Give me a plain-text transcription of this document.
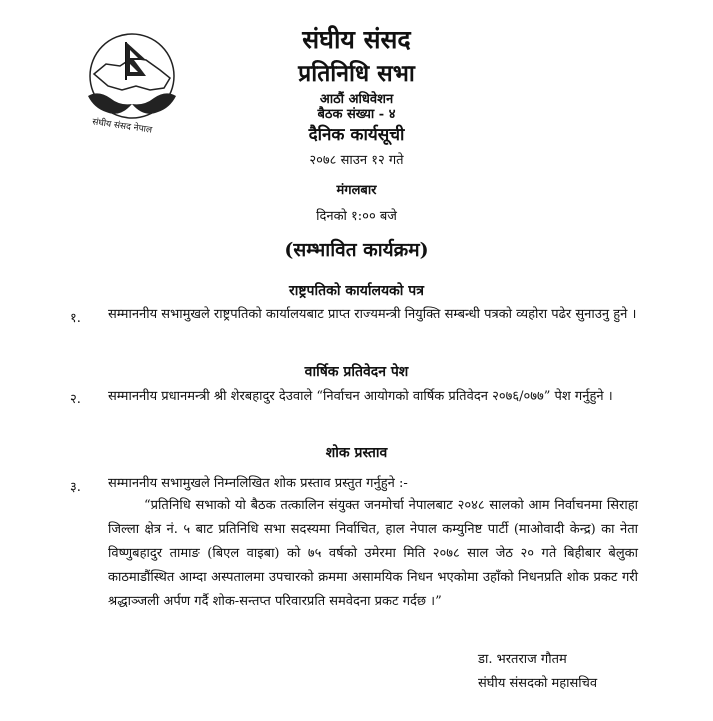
संघीय संसद नेपाल
संघीय संसद
प्रतिनिधि सभा
आठौं अधिवेशन
बैठक संख्या - ४
दैनिक कार्यसूची
२०७८ साउन १२ गते
मंगलबार
दिनको १:०० बजे
(सम्भावित कार्यक्रम)
राष्ट्रपतिको कार्यालयको पत्र
१. सम्माननीय सभामुखले राष्ट्रपतिको कार्यालयबाट प्राप्त राज्यमन्त्री नियुक्ति सम्बन्धी पत्रको व्यहोरा पढेर सुनाउनु हुने ।
वार्षिक प्रतिवेदन पेश
२. सम्माननीय प्रधानमन्त्री श्री शेरबहादुर देउवाले “निर्वाचन आयोगको वार्षिक प्रतिवेदन २०७६/०७७” पेश गर्नुहुने ।
शोक प्रस्ताव
३. सम्माननीय सभामुखले निम्नलिखित शोक प्रस्ताव प्रस्तुत गर्नुहुने :-
“प्रतिनिधि सभाको यो बैठक तत्कालिन संयुक्त जनमोर्चा नेपालबाट २०४८ सालको आम निर्वाचनमा सिराहा जिल्ला क्षेत्र नं. ५ बाट प्रतिनिधि सभा सदस्यमा निर्वाचित, हाल नेपाल कम्युनिष्ट पार्टी (माओवादी केन्द्र) का नेता विष्णुबहादुर तामाङ (बिएल वाइबा) को ७५ वर्षको उमेरमा मिति २०७८ साल जेठ २० गते बिहीबार बेलुका काठमाडौंस्थित आम्दा अस्पतालमा उपचारको क्रममा असामयिक निधन भएकोमा उहाँको निधनप्रति शोक प्रकट गरी श्रद्धाञ्जली अर्पण गर्दै शोक-सन्तप्त परिवारप्रति समवेदना प्रकट गर्दछ ।”
डा. भरतराज गौतम
संघीय संसदको महासचिव
